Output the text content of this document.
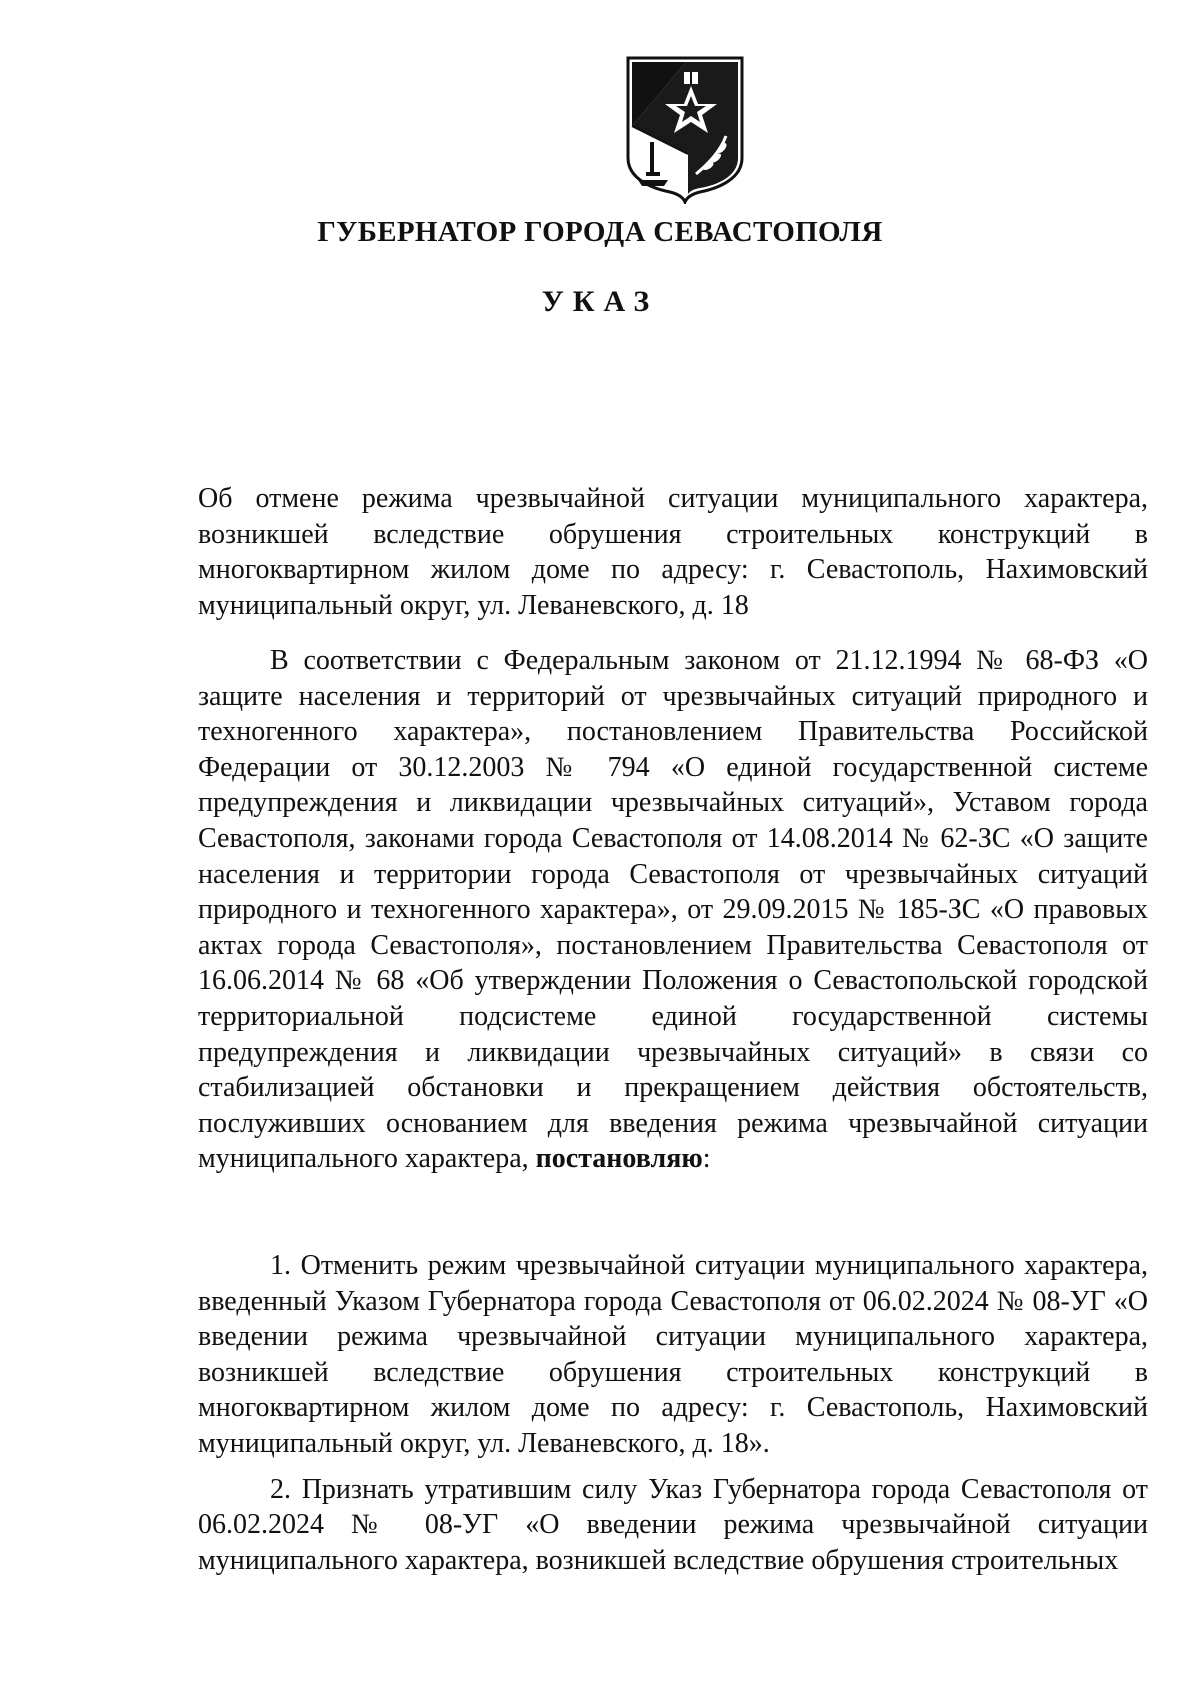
ГУБЕРНАТОР ГОРОДА СЕВАСТОПОЛЯ
УКАЗ
Об отмене режима чрезвычайной ситуации муниципального характера, возникшей вследствие обрушения строительных конструкций в многоквартирном жилом доме по адресу: г. Севастополь, Нахимовский муниципальный округ, ул. Леваневского, д. 18
В соответствии с Федеральным законом от 21.12.1994 № 68-ФЗ «О защите населения и территорий от чрезвычайных ситуаций природного и техногенного характера», постановлением Правительства Российской Федерации от 30.12.2003 № 794 «О единой государственной системе предупреждения и ликвидации чрезвычайных ситуаций», Уставом города Севастополя, законами города Севастополя от 14.08.2014 № 62-ЗС «О защите населения и территории города Севастополя от чрезвычайных ситуаций природного и техногенного характера», от 29.09.2015 № 185-ЗС «О правовых актах города Севастополя», постановлением Правительства Севастополя от 16.06.2014 № 68 «Об утверждении Положения о Севастопольской городской территориальной подсистеме единой государственной системы предупреждения и ликвидации чрезвычайных ситуаций» в связи со стабилизацией обстановки и прекращением действия обстоятельств, послуживших основанием для введения режима чрезвычайной ситуации муниципального характера, постановляю:

1. Отменить режим чрезвычайной ситуации муниципального характера, введенный Указом Губернатора города Севастополя от 06.02.2024 № 08-УГ «О введении режима чрезвычайной ситуации муниципального характера, возникшей вследствие обрушения строительных конструкций в многоквартирном жилом доме по адресу: г. Севастополь, Нахимовский муниципальный округ, ул. Леваневского, д. 18».

2. Признать утратившим силу Указ Губернатора города Севастополя от 06.02.2024 № 08-УГ «О введении режима чрезвычайной ситуации муниципального характера, возникшей вследствие обрушения строительных
